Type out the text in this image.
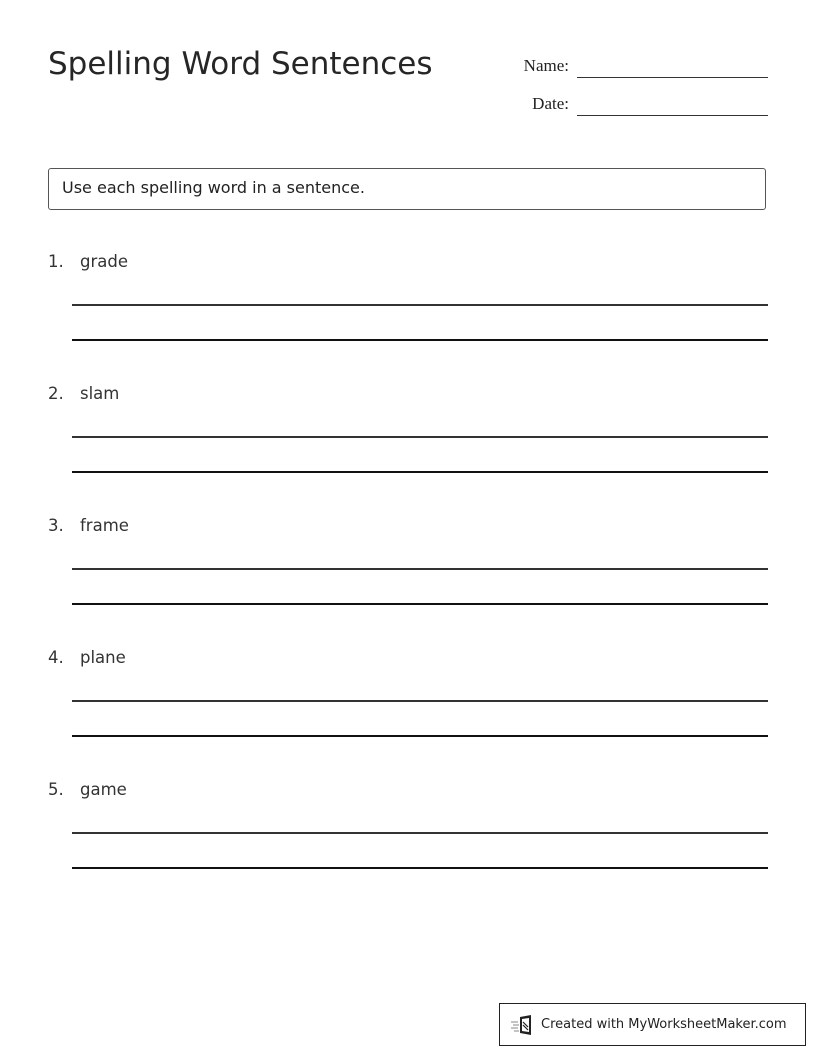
Spelling Word Sentences	Name:
Date:
Use each spelling word in a sentence.
1. grade
2. slam
3. frame
4. plane
5. game
Created with MyWorksheetMaker.com
